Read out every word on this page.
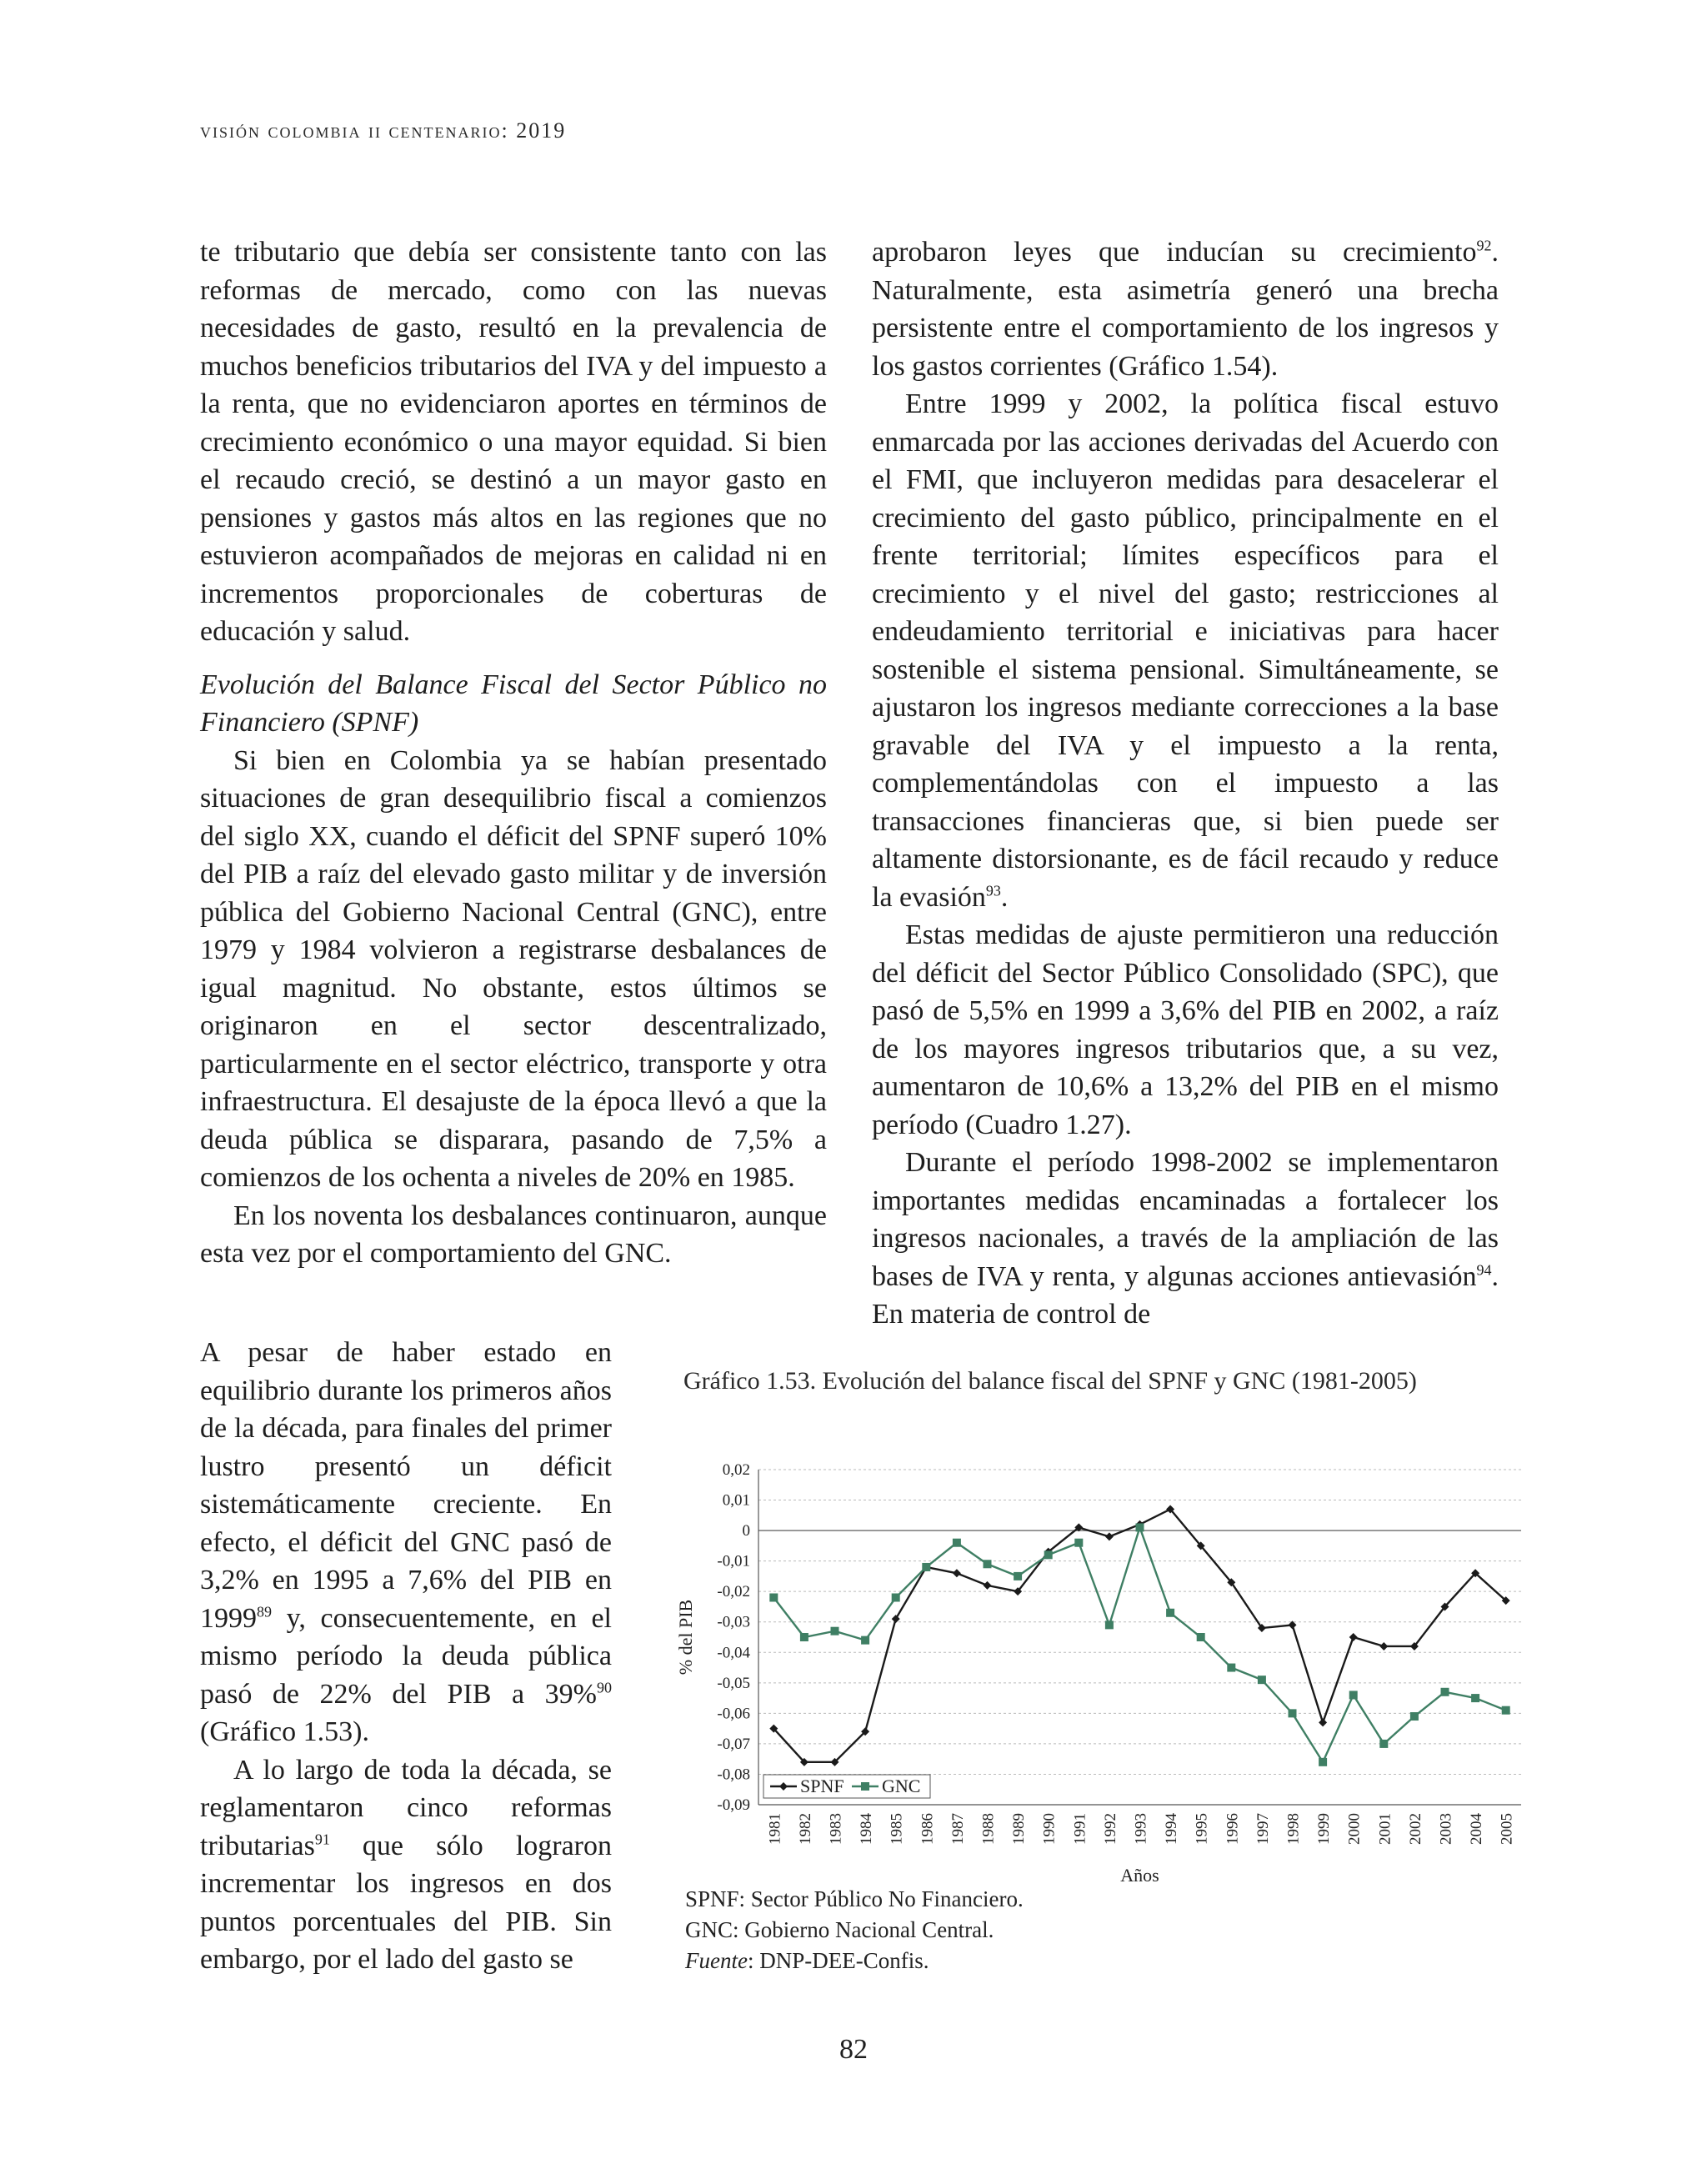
visión colombia ii centenario: 2019

te tributario que debía ser consistente tanto con las reformas de mercado, como con las nuevas necesidades de gasto, resultó en la prevalencia de muchos beneficios tributarios del IVA y del impuesto a la renta, que no evidenciaron aportes en términos de crecimiento económico o una mayor equidad. Si bien el recaudo creció, se destinó a un mayor gasto en pensiones y gastos más altos en las regiones que no estuvieron acompañados de mejoras en calidad ni en incrementos proporcionales de coberturas de educación y salud.

Evolución del Balance Fiscal del Sector Público no Financiero (SPNF)

Si bien en Colombia ya se habían presentado situaciones de gran desequilibrio fiscal a comienzos del siglo XX, cuando el déficit del SPNF superó 10% del PIB a raíz del elevado gasto militar y de inversión pública del Gobierno Nacional Central (GNC), entre 1979 y 1984 volvieron a registrarse desbalances de igual magnitud. No obstante, estos últimos se originaron en el sector descentralizado, particularmente en el sector eléctrico, transporte y otra infraestructura. El desajuste de la época llevó a que la deuda pública se disparara, pasando de 7,5% a comienzos de los ochenta a niveles de 20% en 1985.

En los noventa los desbalances continuaron, aunque esta vez por el comportamiento del GNC.

A pesar de haber estado en equilibrio durante los primeros años de la década, para finales del primer lustro presentó un déficit sistemáticamente creciente. En efecto, el déficit del GNC pasó de 3,2% en 1995 a 7,6% del PIB en 1999$^{89}$ y, consecuentemente, en el mismo período la deuda pública pasó de 22% del PIB a 39%$^{90}$ (Gráfico 1.53).

A lo largo de toda la década, se reglamentaron cinco reformas tributarias$^{91}$ que sólo lograron incrementar los ingresos en dos puntos porcentuales del PIB. Sin embargo, por el lado del gasto se

aprobaron leyes que inducían su crecimiento$^{92}$. Naturalmente, esta asimetría generó una brecha persistente entre el comportamiento de los ingresos y los gastos corrientes (Gráfico 1.54).

Entre 1999 y 2002, la política fiscal estuvo enmarcada por las acciones derivadas del Acuerdo con el FMI, que incluyeron medidas para desacelerar el crecimiento del gasto público, principalmente en el frente territorial; límites específicos para el crecimiento y el nivel del gasto; restricciones al endeudamiento territorial e iniciativas para hacer sostenible el sistema pensional. Simultáneamente, se ajustaron los ingresos mediante correcciones a la base gravable del IVA y el impuesto a la renta, complementándolas con el impuesto a las transacciones financieras que, si bien puede ser altamente distorsionante, es de fácil recaudo y reduce la evasión$^{93}$.

Estas medidas de ajuste permitieron una reducción del déficit del Sector Público Consolidado (SPC), que pasó de 5,5% en 1999 a 3,6% del PIB en 2002, a raíz de los mayores ingresos tributarios que, a su vez, aumentaron de 10,6% a 13,2% del PIB en el mismo período (Cuadro 1.27).

Durante el período 1998-2002 se implementaron importantes medidas encaminadas a fortalecer los ingresos nacionales, a través de la ampliación de las bases de IVA y renta, y algunas acciones antievasión$^{94}$. En materia de control de

Gráfico 1.53. Evolución del balance fiscal del SPNF y GNC (1981-2005)
0,02
0,01
0
-0,01
-0,02
-0,03
-0,04
-0,05
-0,06
-0,07
-0,08
-0,09
1981 1982 1983 1984 1985 1986 1987 1988 1989 1990 1991 1992 1993 1994 1995 1996 1997 1998 1999 2000 2001 2002 2003 2004 2005
SPNF GNC
% del PIB
Años
SPNF: Sector Público No Financiero.
GNC: Gobierno Nacional Central.
Fuente: DNP-DEE-Confis.
82
